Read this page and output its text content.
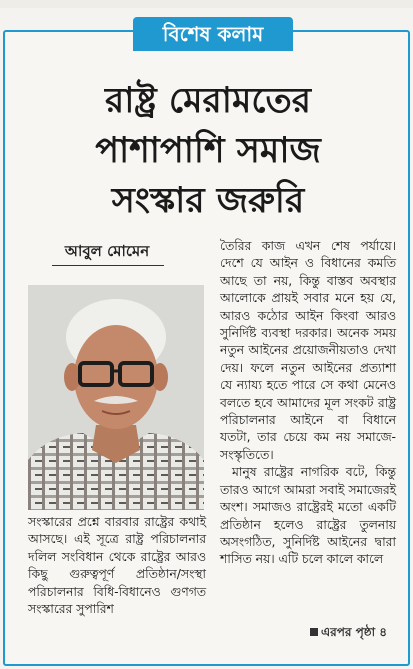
বিশেষ কলাম
রাষ্ট্র মেরামতের
পাশাপাশি সমাজ
সংস্কার জরুরি
আবুল মোমেন	তৈরির কাজ এখন শেষ পর্যায়ে। দেশে যে আইন ও বিধানের কমতি আছে তা নয়, কিন্তু বাস্তব অবস্থার আলোকে প্রায়ই সবার মনে হয় যে, আরও কঠোর আইন কিংবা আরও সুনির্দিষ্ট ব্যবস্থা দরকার। অনেক সময় নতুন আইনের প্রয়োজনীয়তাও দেখা দেয়। ফলে নতুন আইনের প্রত্যাশা যে ন্যায্য হতে পারে সে কথা মেনেও বলতে হবে আমাদের মূল সংকট রাষ্ট্র পরিচালনার আইনে বা বিধানে যতটা, তার চেয়ে কম নয় সমাজে-সংস্কৃতিতে।

মানুষ রাষ্ট্রের নাগরিক বটে, কিন্তু তারও আগে আমরা সবাই সমাজেরই অংশ। সমাজও রাষ্ট্রেরই মতো একটি প্রতিষ্ঠান হলেও রাষ্ট্রের তুলনায় অসংগঠিত, সুনির্দিষ্ট আইনের দ্বারা শাসিত নয়। এটি চলে কালে কালে

সংস্কারের প্রশ্নে বারবার রাষ্ট্রের কথাই আসছে। এই সূত্রে রাষ্ট্র পরিচালনার দলিল সংবিধান থেকে রাষ্ট্রের আরও কিছু গুরুত্বপূর্ণ প্রতিষ্ঠান/সংস্থা পরিচালনার বিধি-বিধানেও গুণগত সংস্কারের সুপারিশ

এরপর পৃষ্ঠা ৪
